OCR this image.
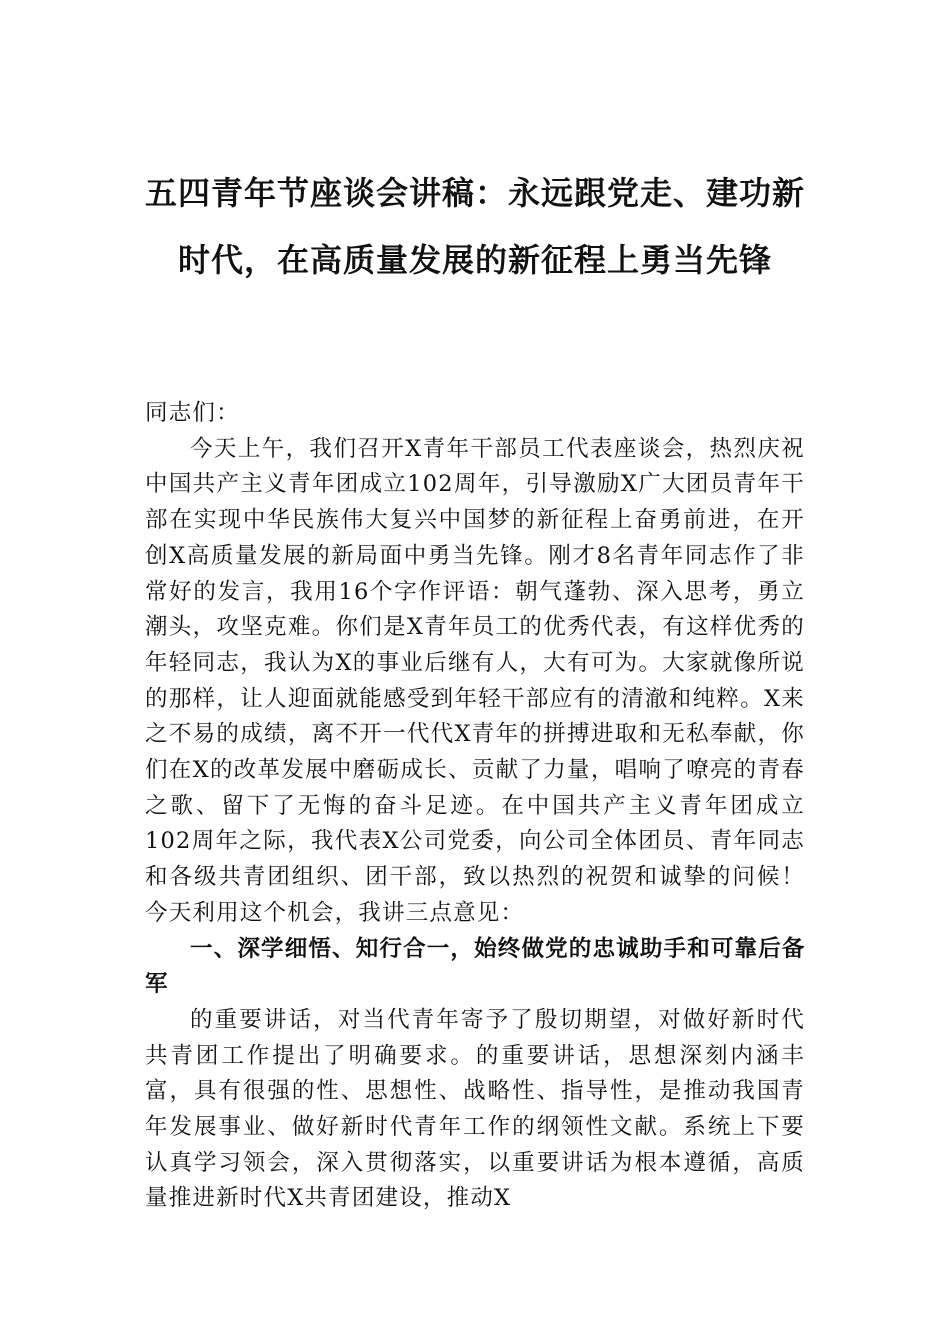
五四青年节座谈会讲稿：永远跟党走、建功新时代，在高质量发展的新征程上勇当先锋

同志们：

今天上午，我们召开X青年干部员工代表座谈会，热烈庆祝中国共产主义青年团成立102周年，引导激励X广大团员青年干部在实现中华民族伟大复兴中国梦的新征程上奋勇前进，在开创X高质量发展的新局面中勇当先锋。刚才8名青年同志作了非常好的发言，我用16个字作评语：朝气蓬勃、深入思考，勇立潮头，攻坚克难。你们是X青年员工的优秀代表，有这样优秀的年轻同志，我认为X的事业后继有人，大有可为。大家就像所说的那样，让人迎面就能感受到年轻干部应有的清澈和纯粹。X来之不易的成绩，离不开一代代X青年的拼搏进取和无私奉献，你们在X的改革发展中磨砺成长、贡献了力量，唱响了嘹亮的青春之歌、留下了无悔的奋斗足迹。在中国共产主义青年团成立102周年之际，我代表X公司党委，向公司全体团员、青年同志和各级共青团组织、团干部，致以热烈的祝贺和诚挚的问候！今天利用这个机会，我讲三点意见：

一、深学细悟、知行合一，始终做党的忠诚助手和可靠后备军

的重要讲话，对当代青年寄予了殷切期望，对做好新时代共青团工作提出了明确要求。的重要讲话，思想深刻内涵丰富，具有很强的性、思想性、战略性、指导性，是推动我国青年发展事业、做好新时代青年工作的纲领性文献。系统上下要认真学习领会，深入贯彻落实，以重要讲话为根本遵循，高质量推进新时代X共青团建设，推动X
